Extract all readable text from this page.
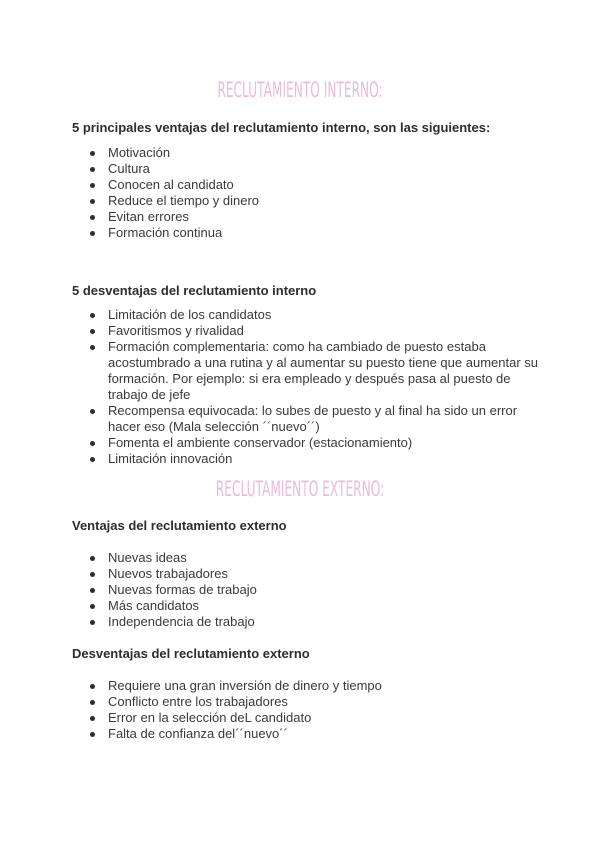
RECLUTAMIENTO INTERNO:

5 principales ventajas del reclutamiento interno, son las siguientes:

Motivación
Cultura
Conocen al candidato
Reduce el tiempo y dinero
Evitan errores
Formación continua

5 desventajas del reclutamiento interno

Limitación de los candidatos
Favoritismos y rivalidad
Formación complementaria: como ha cambiado de puesto estaba acostumbrado a una rutina y al aumentar su puesto tiene que aumentar su formación. Por ejemplo: si era empleado y después pasa al puesto de trabajo de jefe
Recompensa equivocada: lo subes de puesto y al final ha sido un error hacer eso (Mala selección ´´nuevo´´)
Fomenta el ambiente conservador (estacionamiento)
Limitación innovación
RECLUTAMIENTO EXTERNO:

Ventajas del reclutamiento externo

Nuevas ideas
Nuevos trabajadores
Nuevas formas de trabajo
Más candidatos
Independencia de trabajo

Desventajas del reclutamiento externo

Requiere una gran inversión de dinero y tiempo
Conflicto entre los trabajadores
Error en la selección deL candidato
Falta de confianza del´´nuevo´´
